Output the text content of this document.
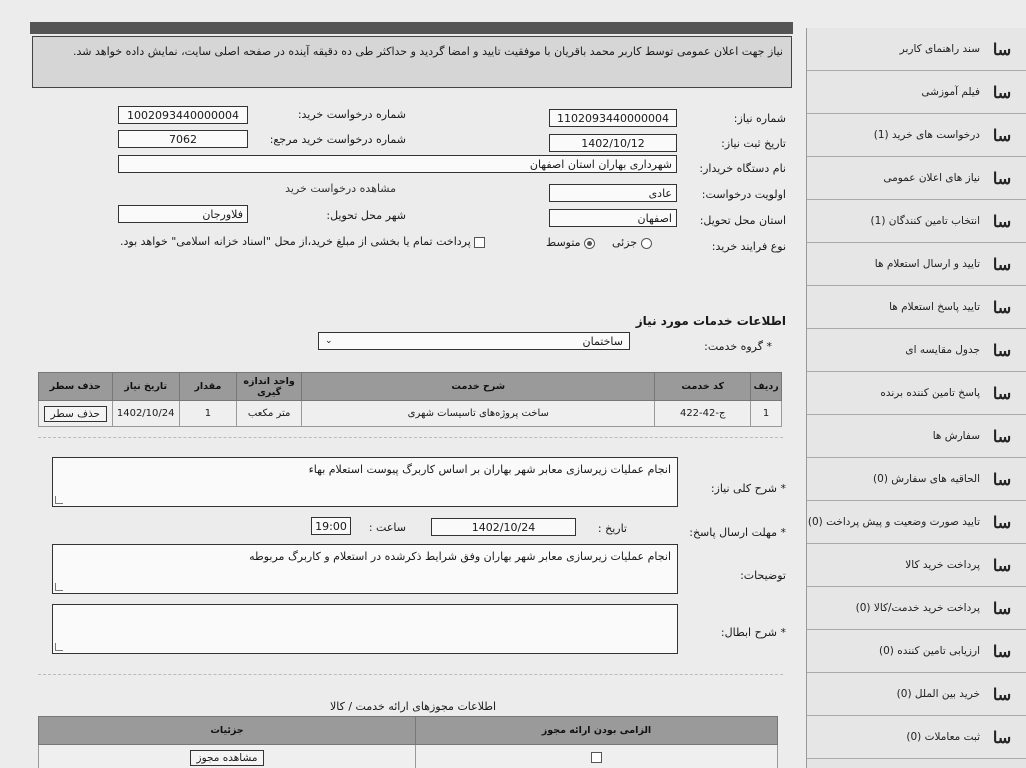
سا
سند راهنمای کاربر
سا
فیلم آموزشی
سا
درخواست های خرید (1)
سا
نیاز های اعلان عمومی
سا
انتخاب تامین کنندگان (1)
سا
تایید و ارسال استعلام ها
سا
تایید پاسخ استعلام ها
سا
جدول مقایسه ای
سا
پاسخ تامین کننده برنده
سا
سفارش ها
سا
الحاقیه های سفارش (0)
سا
تایید صورت وضعیت و پیش پرداخت (0)
سا
پرداخت خرید کالا
سا
پرداخت خرید خدمت/کالا (0)
سا
ارزیابی تامین کننده (0)
سا
خرید بین الملل (0)
سا
ثبت معاملات (0)
نیاز جهت اعلان عمومی توسط کاربر محمد باقریان با موفقیت تایید و امضا گردید و حداکثر طی ده دقیقه آینده در صفحه اصلی سایت، نمایش داده خواهد شد.
شماره نیاز:
1102093440000004
شماره درخواست خرید:
1002093440000004
تاریخ ثبت نیاز:
1402/10/12
شماره درخواست خرید مرجع:
7062
نام دستگاه خریدار:
شهرداری بهاران استان اصفهان
اولویت درخواست:
عادی
مشاهده درخواست خرید
استان محل تحویل:
اصفهان
شهر محل تحویل:
فلاورجان
نوع فرایند خرید:
جزئی
متوسط
پرداخت تمام یا بخشی از مبلغ خرید،از محل "اسناد خزانه اسلامی" خواهد بود.
اطلاعات خدمات مورد نیاز
* گروه خدمت:
ساختمان
⌄
ردیف	کد خدمت	شرح خدمت	واحد اندازه گیری	مقدار	تاریخ نیاز	حذف سطر
1	ج-42-422	ساخت پروژه‌های تاسیسات شهری	متر مکعب	1	1402/10/24	حذف سطر
* شرح کلی نیاز:
انجام عملیات زیرسازی معابر شهر بهاران بر اساس کاربرگ پیوست استعلام بهاء
* مهلت ارسال پاسخ:
تاریخ :
1402/10/24
ساعت :
19:00
توضیحات:
انجام عملیات زیرسازی معابر شهر بهاران وفق شرایط ذکرشده در استعلام و کاربرگ مربوطه
* شرح ابطال:
اطلاعات مجوزهای ارائه خدمت / کالا
الزامی بودن ارائه مجوز	جزئیات
	مشاهده مجوز
